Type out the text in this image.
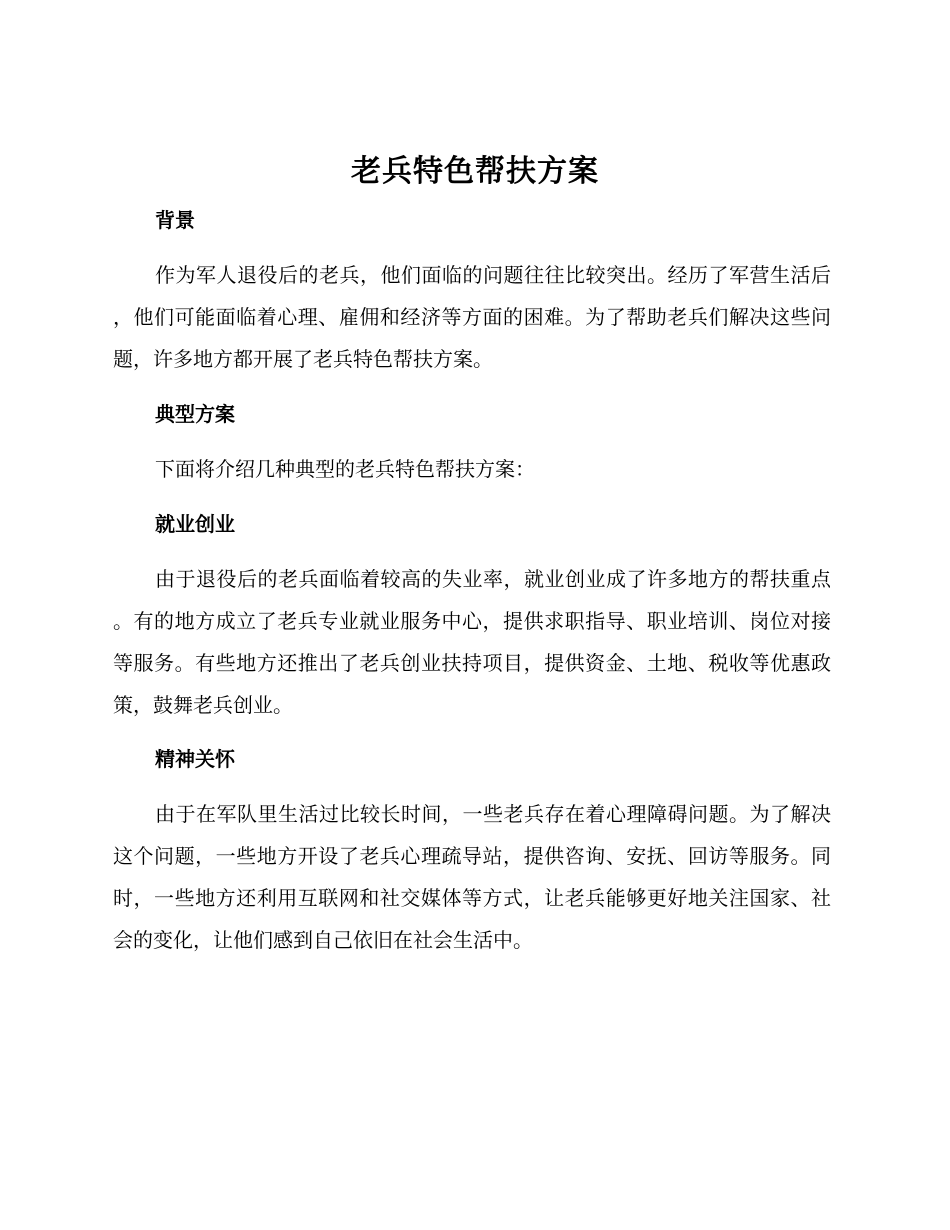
老兵特色帮扶方案
背景
作为军人退役后的老兵，他们面临的问题往往比较突出。经历了军营生活后，他们可能面临着心理、雇佣和经济等方面的困难。为了帮助老兵们解决这些问题，许多地方都开展了老兵特色帮扶方案。
典型方案
下面将介绍几种典型的老兵特色帮扶方案：
就业创业
由于退役后的老兵面临着较高的失业率，就业创业成了许多地方的帮扶重点。有的地方成立了老兵专业就业服务中心，提供求职指导、职业培训、岗位对接等服务。有些地方还推出了老兵创业扶持项目，提供资金、土地、税收等优惠政策，鼓舞老兵创业。
精神关怀
由于在军队里生活过比较长时间，一些老兵存在着心理障碍问题。为了解决这个问题，一些地方开设了老兵心理疏导站，提供咨询、安抚、回访等服务。同时，一些地方还利用互联网和社交媒体等方式，让老兵能够更好地关注国家、社会的变化，让他们感到自己依旧在社会生活中。
